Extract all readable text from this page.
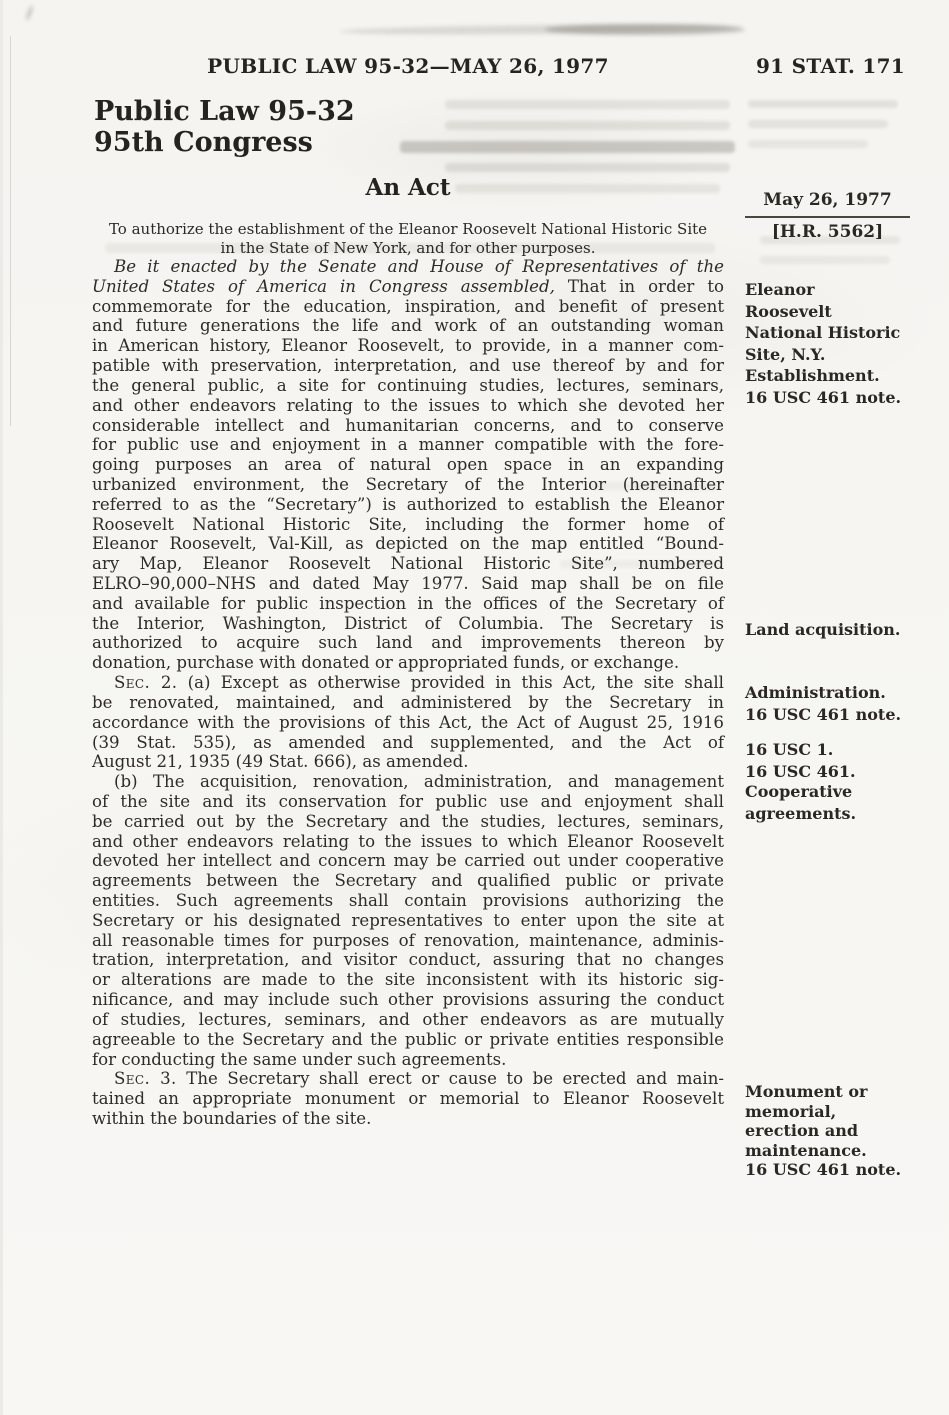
PUBLIC LAW 95-32—MAY 26, 1977	91 STAT. 171
Public Law 95-32
95th Congress
An Act
To authorize the establishment of the Eleanor Roosevelt National Historic Site
in the State of New York, and for other purposes.
May 26, 1977
[H.R. 5562]
Eleanor
Roosevelt
National Historic
Site, N.Y.
Establishment.
16 USC 461 note.
Land acquisition.
Administration.
16 USC 461 note.
16 USC 1.
16 USC 461.
Cooperative
agreements.
Monument or
memorial,
erection and
maintenance.
16 USC 461 note.
Be it enacted by the Senate and House of Representatives of the
United States of America in Congress assembled, That in order to
commemorate for the education, inspiration, and benefit of present
and future generations the life and work of an outstanding woman
in American history, Eleanor Roosevelt, to provide, in a manner com-
patible with preservation, interpretation, and use thereof by and for
the general public, a site for continuing studies, lectures, seminars,
and other endeavors relating to the issues to which she devoted her
considerable intellect and humanitarian concerns, and to conserve
for public use and enjoyment in a manner compatible with the fore-
going purposes an area of natural open space in an expanding
urbanized environment, the Secretary of the Interior (hereinafter
referred to as the “Secretary”) is authorized to establish the Eleanor
Roosevelt National Historic Site, including the former home of
Eleanor Roosevelt, Val-Kill, as depicted on the map entitled “Bound-
ary Map, Eleanor Roosevelt National Historic Site”, numbered
ELRO–90,000–NHS and dated May 1977. Said map shall be on file
and available for public inspection in the offices of the Secretary of
the Interior, Washington, District of Columbia. The Secretary is
authorized to acquire such land and improvements thereon by
donation, purchase with donated or appropriated funds, or exchange.
Sec. 2. (a) Except as otherwise provided in this Act, the site shall
be renovated, maintained, and administered by the Secretary in
accordance with the provisions of this Act, the Act of August 25, 1916
(39 Stat. 535), as amended and supplemented, and the Act of
August 21, 1935 (49 Stat. 666), as amended.
(b) The acquisition, renovation, administration, and management
of the site and its conservation for public use and enjoyment shall
be carried out by the Secretary and the studies, lectures, seminars,
and other endeavors relating to the issues to which Eleanor Roosevelt
devoted her intellect and concern may be carried out under cooperative
agreements between the Secretary and qualified public or private
entities. Such agreements shall contain provisions authorizing the
Secretary or his designated representatives to enter upon the site at
all reasonable times for purposes of renovation, maintenance, adminis-
tration, interpretation, and visitor conduct, assuring that no changes
or alterations are made to the site inconsistent with its historic sig-
nificance, and may include such other provisions assuring the conduct
of studies, lectures, seminars, and other endeavors as are mutually
agreeable to the Secretary and the public or private entities responsible
for conducting the same under such agreements.
Sec. 3. The Secretary shall erect or cause to be erected and main-
tained an appropriate monument or memorial to Eleanor Roosevelt
within the boundaries of the site.
